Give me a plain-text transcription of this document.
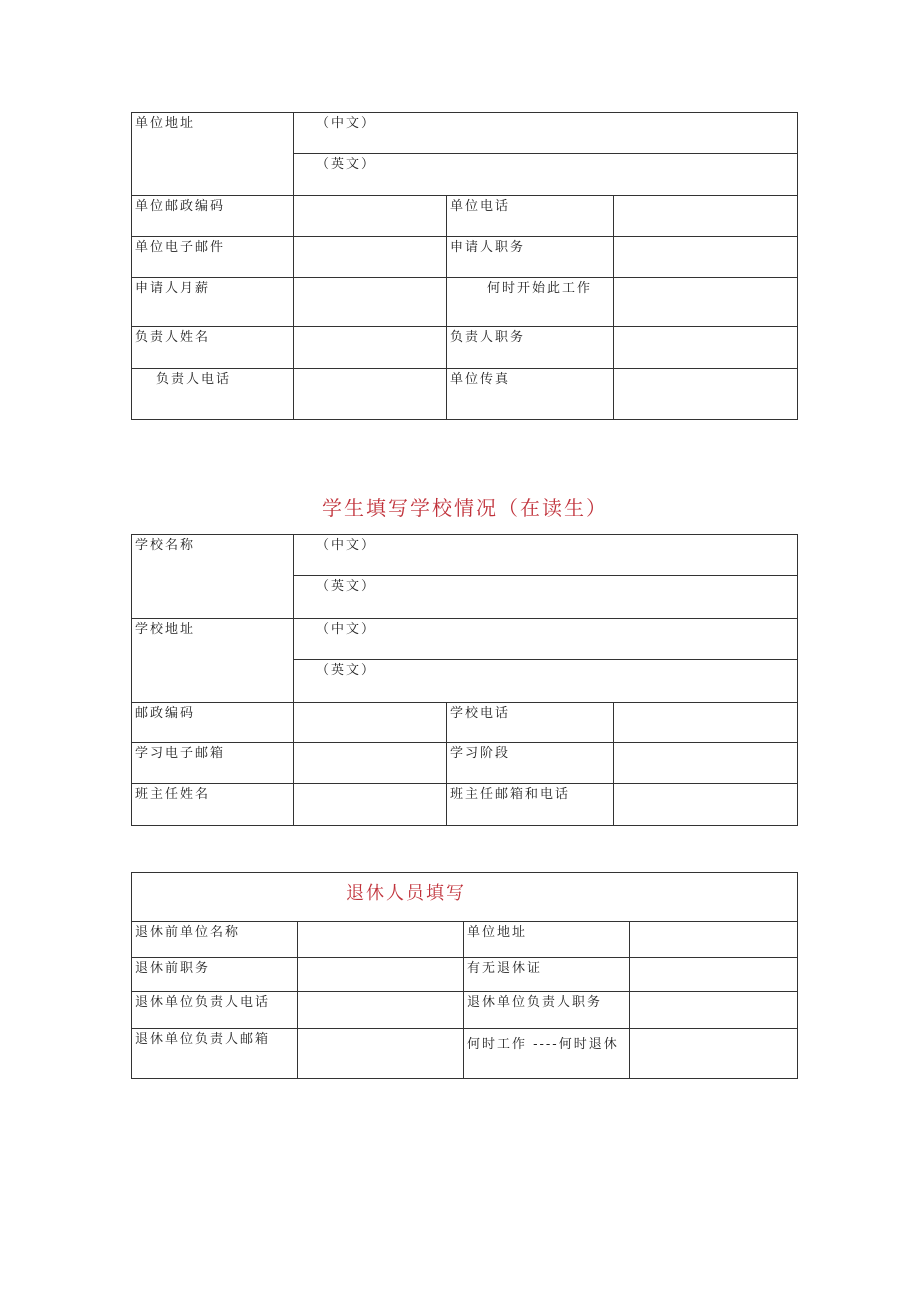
单位地址	（中文）		
	（英文）		
单位邮政编码		单位电话	
单位电子邮件		申请人职务	
申请人月薪		何时开始此工作	
负责人姓名		负责人职务	
负责人电话		单位传真	
学生填写学校情况（在读生）
学校名称	（中文）		
	（英文）		
学校地址	（中文）		
	（英文）		
邮政编码		学校电话	
学习电子邮箱		学习阶段	
班主任姓名		班主任邮箱和电话	
退休人员填写			
退休前单位名称		单位地址	
退休前职务		有无退休证	
退休单位负责人电话		退休单位负责人职务	
退休单位负责人邮箱		何时工作 ----何时退休	
